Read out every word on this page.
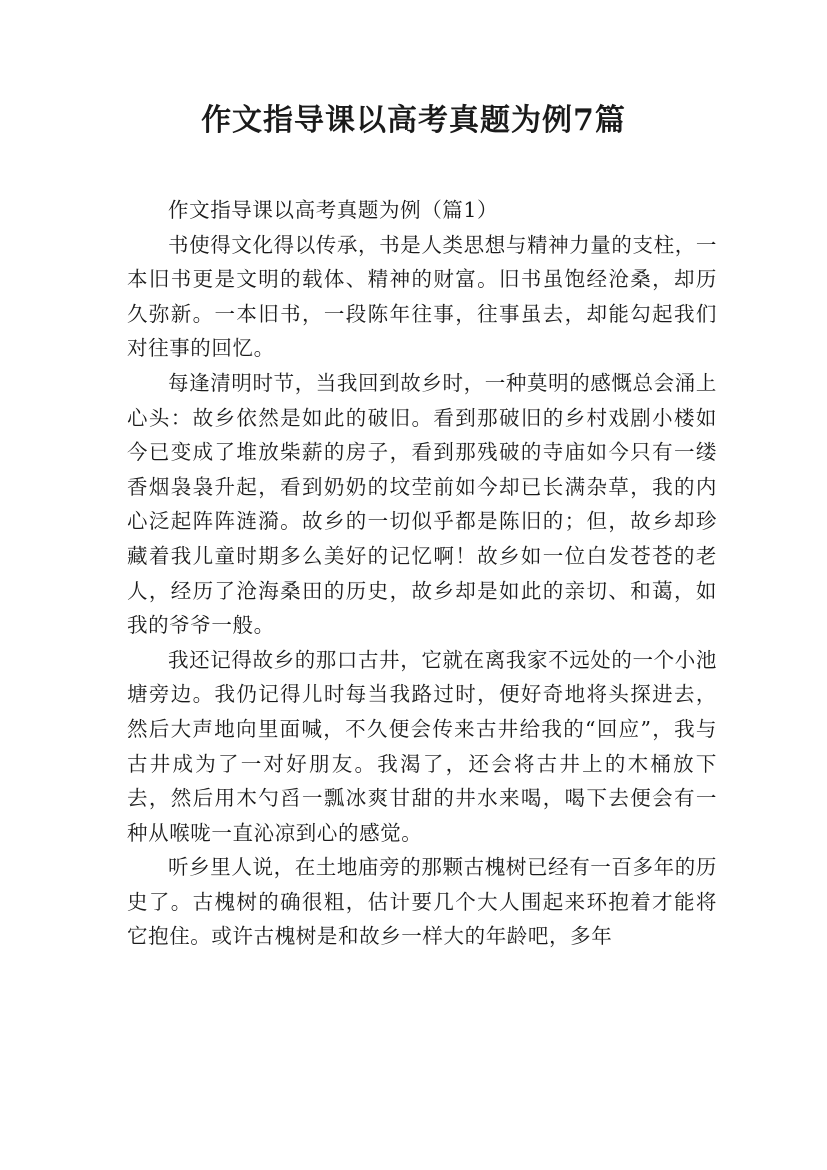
作文指导课以高考真题为例7篇

作文指导课以高考真题为例（篇1）

书使得文化得以传承，书是人类思想与精神力量的支柱，一本旧书更是文明的载体、精神的财富。旧书虽饱经沧桑，却历久弥新。一本旧书，一段陈年往事，往事虽去，却能勾起我们对往事的回忆。

每逢清明时节，当我回到故乡时，一种莫明的感慨总会涌上心头：故乡依然是如此的破旧。看到那破旧的乡村戏剧小楼如今已变成了堆放柴薪的房子，看到那残破的寺庙如今只有一缕香烟袅袅升起，看到奶奶的坟茔前如今却已长满杂草，我的内心泛起阵阵涟漪。故乡的一切似乎都是陈旧的；但，故乡却珍藏着我儿童时期多么美好的记忆啊！故乡如一位白发苍苍的老人，经历了沧海桑田的历史，故乡却是如此的亲切、和蔼，如我的爷爷一般。

我还记得故乡的那口古井，它就在离我家不远处的一个小池塘旁边。我仍记得儿时每当我路过时，便好奇地将头探进去，然后大声地向里面喊，不久便会传来古井给我的“回应”，我与古井成为了一对好朋友。我渴了，还会将古井上的木桶放下去，然后用木勺舀一瓢冰爽甘甜的井水来喝，喝下去便会有一种从喉咙一直沁凉到心的感觉。

听乡里人说，在土地庙旁的那颗古槐树已经有一百多年的历史了。古槐树的确很粗，估计要几个大人围起来环抱着才能将它抱住。或许古槐树是和故乡一样大的年龄吧，多年
